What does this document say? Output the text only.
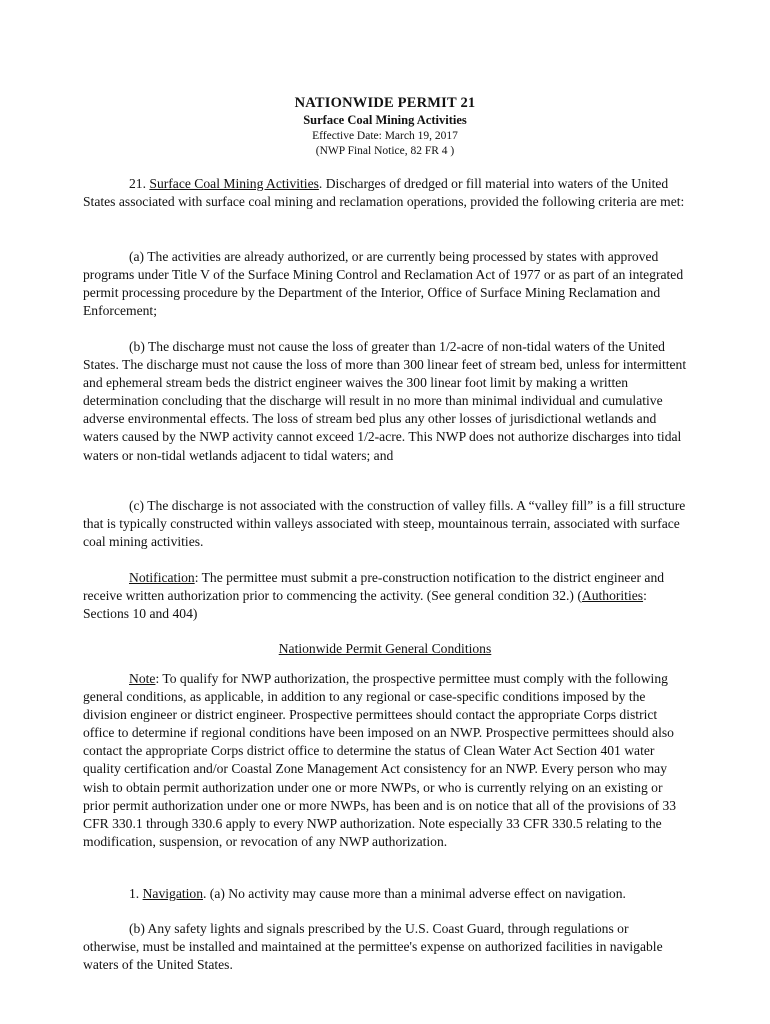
NATIONWIDE PERMIT 21
Surface Coal Mining Activities
Effective Date: March 19, 2017
(NWP Final Notice, 82 FR 4 )

21. Surface Coal Mining Activities. Discharges of dredged or fill material into waters of the United States associated with surface coal mining and reclamation operations, provided the following criteria are met:

(a) The activities are already authorized, or are currently being processed by states with approved programs under Title V of the Surface Mining Control and Reclamation Act of 1977 or as part of an integrated permit processing procedure by the Department of the Interior, Office of Surface Mining Reclamation and Enforcement;

(b) The discharge must not cause the loss of greater than 1/2-acre of non-tidal waters of the United States. The discharge must not cause the loss of more than 300 linear feet of stream bed, unless for intermittent and ephemeral stream beds the district engineer waives the 300 linear foot limit by making a written determination concluding that the discharge will result in no more than minimal individual and cumulative adverse environmental effects. The loss of stream bed plus any other losses of jurisdictional wetlands and waters caused by the NWP activity cannot exceed 1/2-acre. This NWP does not authorize discharges into tidal waters or non-tidal wetlands adjacent to tidal waters; and

(c) The discharge is not associated with the construction of valley fills. A “valley fill” is a fill structure that is typically constructed within valleys associated with steep, mountainous terrain, associated with surface coal mining activities.

Notification: The permittee must submit a pre-construction notification to the district engineer and receive written authorization prior to commencing the activity. (See general condition 32.) (Authorities: Sections 10 and 404)

Nationwide Permit General Conditions

Note: To qualify for NWP authorization, the prospective permittee must comply with the following general conditions, as applicable, in addition to any regional or case-specific conditions imposed by the division engineer or district engineer. Prospective permittees should contact the appropriate Corps district office to determine if regional conditions have been imposed on an NWP. Prospective permittees should also contact the appropriate Corps district office to determine the status of Clean Water Act Section 401 water quality certification and/or Coastal Zone Management Act consistency for an NWP. Every person who may wish to obtain permit authorization under one or more NWPs, or who is currently relying on an existing or prior permit authorization under one or more NWPs, has been and is on notice that all of the provisions of 33 CFR 330.1 through 330.6 apply to every NWP authorization. Note especially 33 CFR 330.5 relating to the modification, suspension, or revocation of any NWP authorization.

1. Navigation. (a) No activity may cause more than a minimal adverse effect on navigation.

(b) Any safety lights and signals prescribed by the U.S. Coast Guard, through regulations or otherwise, must be installed and maintained at the permittee's expense on authorized facilities in navigable waters of the United States.
